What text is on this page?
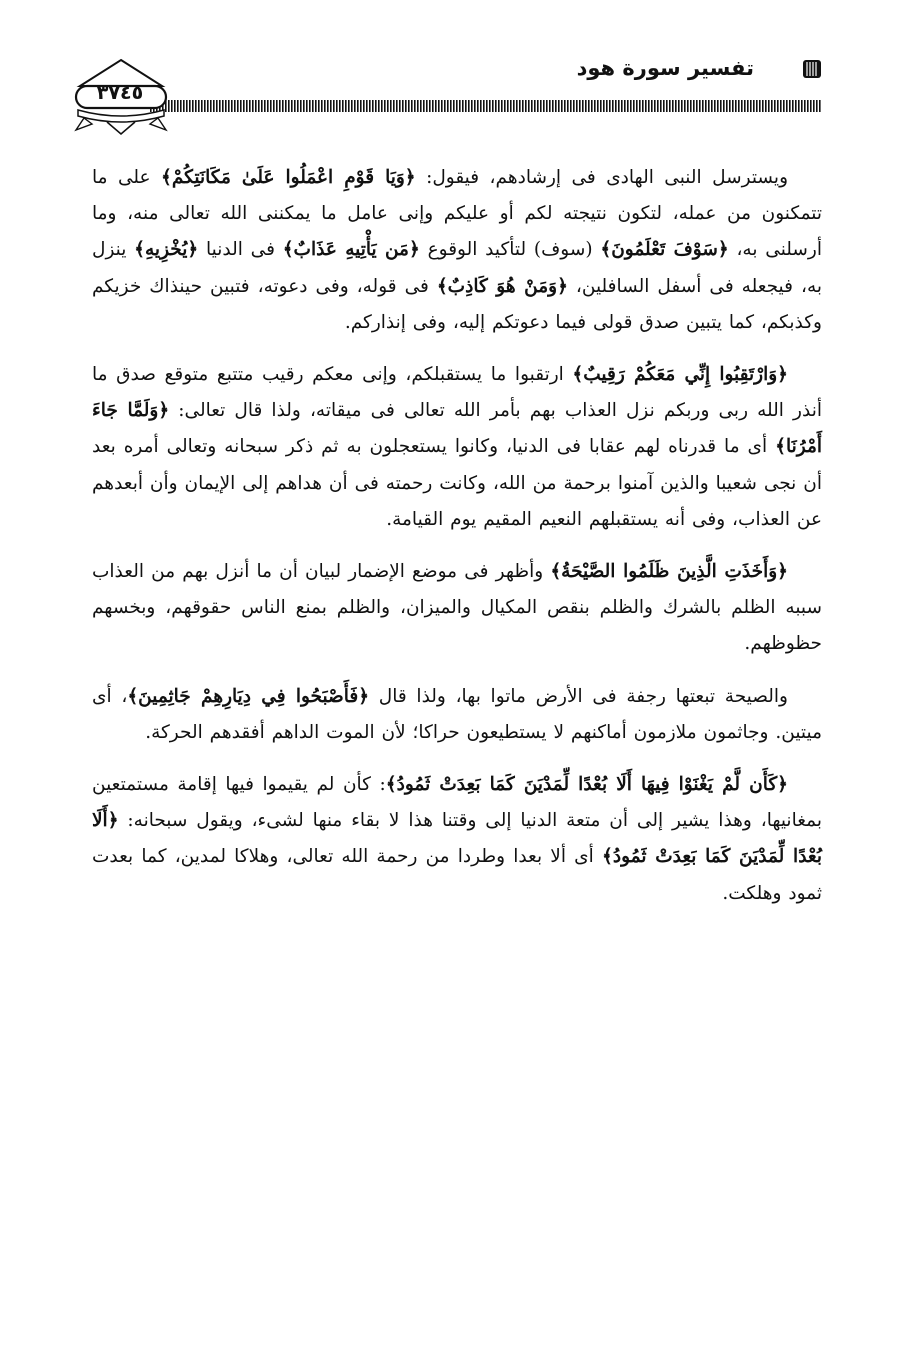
تفسير سورة هود
٣٧٤٥

ويسترسل النبى الهادى فى إرشادهم، فيقول: ﴿وَيَا قَوْمِ اعْمَلُوا عَلَىٰ مَكَانَتِكُمْ﴾ على ما تتمكنون من عمله، لتكون نتيجته لكم أو عليكم وإنى عامل ما يمكننى الله تعالى منه، وما أرسلنى به، ﴿سَوْفَ تَعْلَمُونَ﴾ (سوف) لتأكيد الوقوع ﴿مَن يَأْتِيهِ عَذَابٌ﴾ فى الدنيا ﴿يُخْزِيهِ﴾ ينزل به، فيجعله فى أسفل السافلين، ﴿وَمَنْ هُوَ كَاذِبٌ﴾ فى قوله، وفى دعوته، فتبين حينذاك خزيكم وكذبكم، كما يتبين صدق قولى فيما دعوتكم إليه، وفى إنذاركم.

﴿وَارْتَقِبُوا إِنِّي مَعَكُمْ رَقِيبٌ﴾ ارتقبوا ما يستقبلكم، وإنى معكم رقيب متتبع متوقع صدق ما أنذر الله ربى وربكم نزل العذاب بهم بأمر الله تعالى فى ميقاته، ولذا قال تعالى: ﴿وَلَمَّا جَاءَ أَمْرُنَا﴾ أى ما قدرناه لهم عقابا فى الدنيا، وكانوا يستعجلون به ثم ذكر سبحانه وتعالى أمره بعد أن نجى شعيبا والذين آمنوا برحمة من الله، وكانت رحمته فى أن هداهم إلى الإيمان وأن أبعدهم عن العذاب، وفى أنه يستقبلهم النعيم المقيم يوم القيامة.

﴿وَأَخَذَتِ الَّذِينَ ظَلَمُوا الصَّيْحَةُ﴾ وأظهر فى موضع الإضمار لبيان أن ما أنزل بهم من العذاب سببه الظلم بالشرك والظلم بنقص المكيال والميزان، والظلم بمنع الناس حقوقهم، وبخسهم حظوظهم.

والصيحة تبعتها رجفة فى الأرض ماتوا بها، ولذا قال ﴿فَأَصْبَحُوا فِي دِيَارِهِمْ جَاثِمِينَ﴾، أى ميتين. وجاثمون ملازمون أماكنهم لا يستطيعون حراكا؛ لأن الموت الداهم أفقدهم الحركة.

﴿كَأَن لَّمْ يَغْنَوْا فِيهَا أَلَا بُعْدًا لِّمَدْيَنَ كَمَا بَعِدَتْ ثَمُودُ﴾: كأن لم يقيموا فيها إقامة مستمتعين بمغانيها، وهذا يشير إلى أن متعة الدنيا إلى وقتنا هذا لا بقاء منها لشىء، ويقول سبحانه: ﴿أَلَا بُعْدًا لِّمَدْيَنَ كَمَا بَعِدَتْ ثَمُودُ﴾ أى ألا بعدا وطردا من رحمة الله تعالى، وهلاكا لمدين، كما بعدت ثمود وهلكت.
